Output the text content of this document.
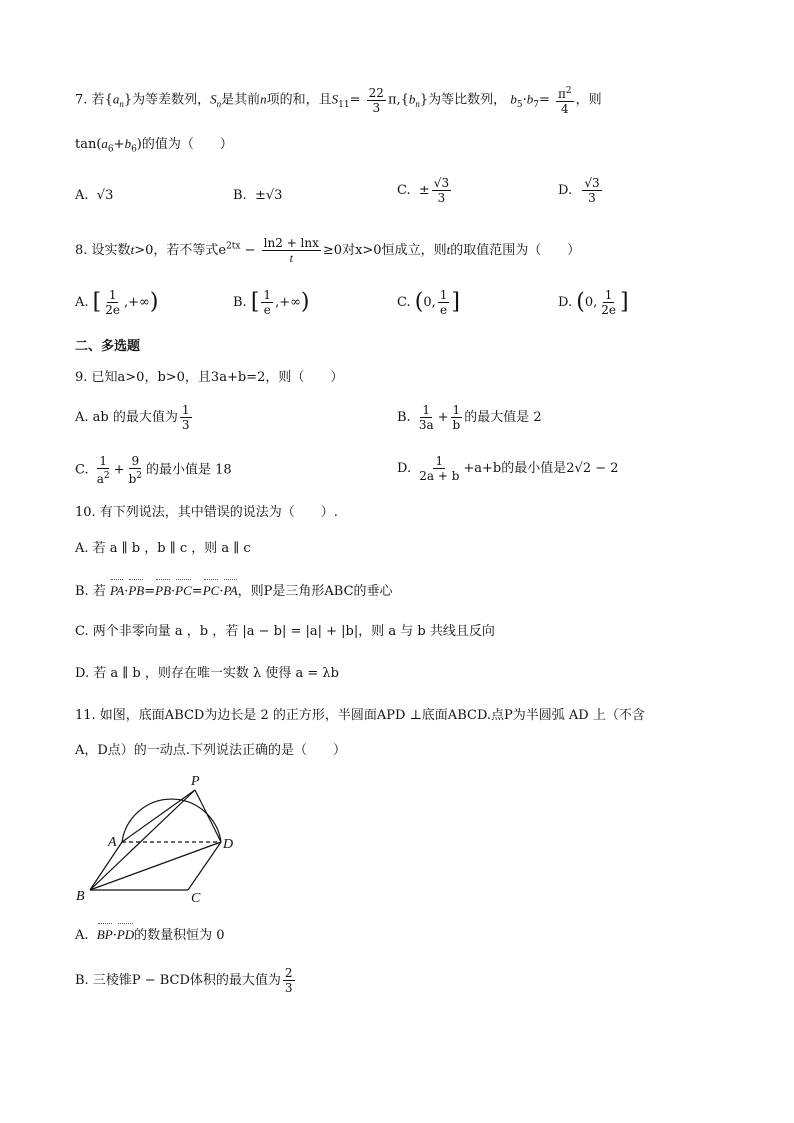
7. 若$\{a_n\}$为等差数列，$S_n$是其前n项的和，且$S_{11}= \frac{22}{3} \pi,\{b_n\}$为等比数列， $b_5\cdot b_7= \frac{\pi^2}{4}$ ，则
$\tan(a_6+b_6)$的值为（　　）
A.  √3	B.  ±√3	C.  ± $\frac{√3}{3}$	D. $\frac{√3}{3}$
8. 设实数t>0，若不等式$e^{2tx} - \frac{\ln 2 + \ln x}{t} \ge 0$对x>0恒成立，则t的取值范围为（　　）
A. [ $\frac{1}{2e}$ ,+∞)	B. [ $\frac{1}{e}$ ,+∞)	C. (0, $\frac{1}{e}$ ]	D. (0, $\frac{1}{2e}$ ]
二、多选题
9. 已知a>0，b>0，且3a+b=2，则（　　）
A. ab 的最大值为 $\frac{1}{3}$	B. $\frac{1}{3a} + \frac{1}{b}$ 的最大值是 2
C. $\frac{1}{a^2} + \frac{9}{b^2}$ 的最小值是 18	D. $\frac{1}{2a + b} +a+b$的最小值是2√2 − 2
10. 有下列说法，其中错误的说法为（　　）.
A. 若 a ∥ b ，b ∥ c ，则 a ∥ c
B. 若 PA·PB=PB·PC=PC·PA，则P是三角形ABC的垂心
C. 两个非零向量 a ，b ，若 |a − b| = |a| + |b|，则 a 与 b 共线且反向
D. 若 a ∥ b ，则存在唯一实数 λ 使得 a = λb
11. 如图，底面ABCD为边长是 2 的正方形，半圆面APD ⊥底面ABCD.点P为半圆弧 AD 上（不含
A，D点）的一动点.下列说法正确的是（　　）
P
A	D
B	C
A. BP·PD的数量积恒为 0
B. 三棱锥P − BCD体积的最大值为 $\frac{2}{3}$
